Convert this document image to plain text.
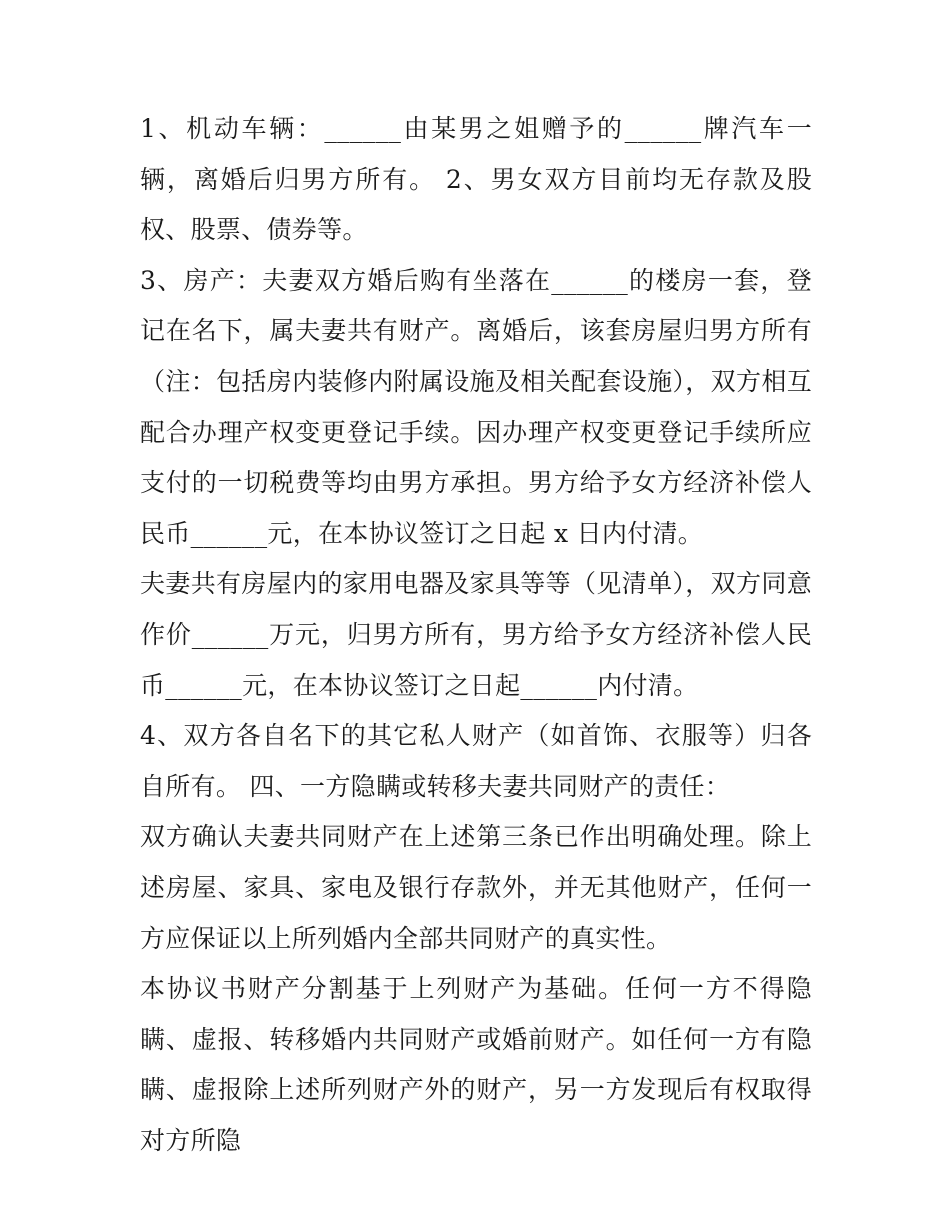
1、机动车辆：______由某男之姐赠予的______牌汽车一辆，离婚后归男方所有。 2、男女双方目前均无存款及股权、股票、债券等。

3、房产：夫妻双方婚后购有坐落在______的楼房一套，登记在名下，属夫妻共有财产。离婚后，该套房屋归男方所有（注：包括房内装修内附属设施及相关配套设施），双方相互配合办理产权变更登记手续。因办理产权变更登记手续所应支付的一切税费等均由男方承担。男方给予女方经济补偿人民币______元，在本协议签订之日起 x 日内付清。

夫妻共有房屋内的家用电器及家具等等（见清单），双方同意作价______万元，归男方所有，男方给予女方经济补偿人民币______元，在本协议签订之日起______内付清。

4、双方各自名下的其它私人财产（如首饰、衣服等）归各自所有。 四、一方隐瞒或转移夫妻共同财产的责任：

双方确认夫妻共同财产在上述第三条已作出明确处理。除上述房屋、家具、家电及银行存款外，并无其他财产，任何一方应保证以上所列婚内全部共同财产的真实性。

本协议书财产分割基于上列财产为基础。任何一方不得隐瞒、虚报、转移婚内共同财产或婚前财产。如任何一方有隐瞒、虚报除上述所列财产外的财产，另一方发现后有权取得对方所隐
